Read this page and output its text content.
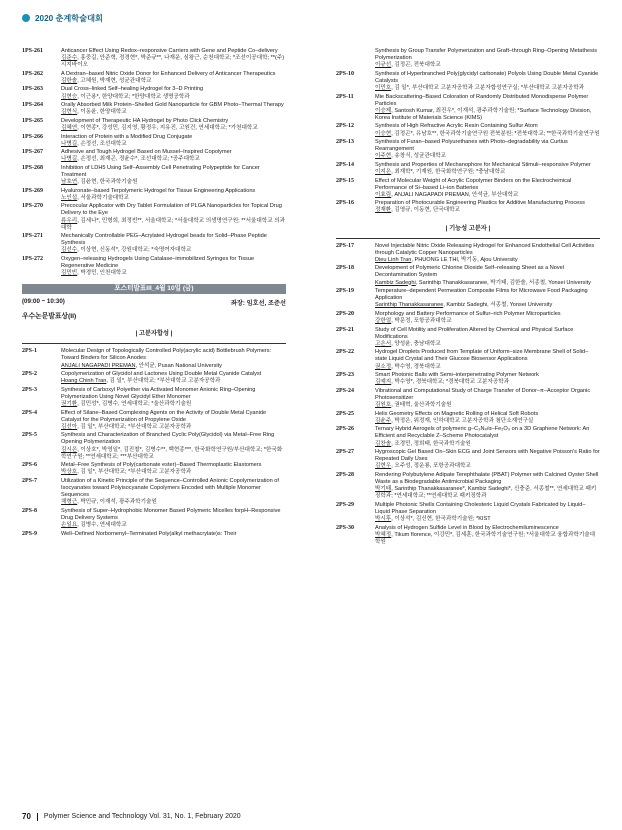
2020 춘계학술대회
1PS-261	Anticancer Effect Using Redox–responsive Carriers with Gene and Peptide Co–delivery
김준수, 홍중길, 안준혁, 정경현*, 박준규**, 나재운, 심왕근, 순천대학교; *조선이공대학; **(주)시지바이오
1PS-262	A Dextran–based Nitric Oxide Donor for Enhanced Delivery of Anticancer Therapeutics
김한솔, 고혜원, 박재현, 성균관대학교
1PS-263	Dual Cross–linked Self–healing Hydrogel for 3–D Printing
김현승, 이근용*, 한양대학교; *한양대학교 생명공학과
1PS-264	Orally Absorbed Milk Protein–Shelled Gold Nanoparticle for GBM Photo–Thermal Therapy
김현식, 이동윤, 한양대학교
1PS-265	Development of Therapeutic HA Hydrogel by Photo Click Chemistry
김혜연, 이현종*, 강성민, 김지영, 황정우, 지유진, 고원건, 연세대학교; *가천대학교
1PS-266	Interaction of Protein with a Modified Drug Conjugate
나병길, 손정선, 조선대학교
1PS-267	Adhesive and Tough Hydrogel Based on Mussel–Inspired Copolymer
나병길, 손정선, 최재곤, 정윤수*, 조선대학교; *공주대학교
1PS-268	Inhibition of LDH5 Using Self–Assembly Cell Penetrating Polypeptide for Cancer Treatment
남호연, 김윤현, 한국과학기술원
1PS-269	Hyaluronate–based Terpolymeric Hydrogel for Tissue Engineering Applications
노인섭, 서울과학기술대학교
1PS-270	Precocular Applicator with Dry Tablet Formulation of PLGA Nanoparticles for Topical Drug Delivery to the Eye
류우리, 김세나*, 민형희, 최정빈**, 서울대학교; *서울대학교 의생명연구원; **서울대학교 의과대학
1PS-271	Mechanically Controllable PEG–Acrylated Hydrogel beads for Solid–Phase Peptide Synthesis
김선수, 이상현, 신동석*, 강원대학교; *숙명여자대학교
1PS-272	Oxygen–releasing Hydrogels Using Catalase–immobilized Syringes for Tissue Regenerative Medicine
김민빈, 박경민, 인천대학교
포스터발표III_4월 10일 (금)
(09:00 ~ 10:30)	좌장: 임호선, 조준선
우수논문발표상(II)
| 고분자합성 |
2PS-1	Molecular Design of Topologically Controlled Poly(acrylic acid) Bottlebrush Polymers: Toward Binders for Silicon Anodes
ANJALI NAGAPADI PREMAN, 안석균, Pusan National University
2PS-2	Copolymerization of Glycidol and Lactones Using Double Metal Cyanide Catalyst
Hoang Chinh Tran, 김 일*, 부산대학교; *부산대학교 고분자공학과
2PS-3	Synthesis of Carboxyl Polyether via Activated Monomer Anionic Ring–Opening Polymerization Using Novel Glycidyl Ether Monomer
권기환, 김민성*, 김병수, 연세대학교; *울산과학기술원
2PS-4	Effect of Silane–Based Complexing Agents on the Activity of Double Metal Cyanide Catalyst for the Polymerization of Propylene Oxide
김선아, 김 일*, 부산대학교; *부산대학교 고분자공학과
2PS-5	Synthesis and Characterization of Branched Cyclic Poly(Glycidol) via Metal–Free Ring Opening Polymerization
김시은, 이상호*, 박영일*, 김진철*, 김병수**, 백현종***, 한국화학연구원/부산대학교; *한국화학연구원; **연세대학교; ***부산대학교
2PS-6	Metal–Free Synthesis of Poly(carbonate ester)–Based Thermoplastic Elastomers
박상호, 김 일*, 부산대학교; *부산대학교 고분자공학과
2PS-7	Utilization of a Kinetic Principle of the Sequence–Controlled Anionic Copolymerization of Isocyanates toward Polyisocyanate Copolymers Encoded with Multiple Monomer Sequences
채형근, 박민규, 이재석, 광주과학기술원
2PS-8	Synthesis of Super–Hydrophobic Monomer Based Polymeric Micelles forpH–Responsive Drug Delivery Systems
손일요, 김병수, 연세대학교
2PS-9	Well–Defined Norbornenyl–Terminated Poly(alkyl methacrylate)s: Their
Synthesis by Group Transfer Polymerization and Graft–through Ring–Opening Metathesis Polymerization
이규선, 김정곤, 전북대학교
2PS-10	Synthesis of Hyperbranched Poly(glycidyl carbonate) Polyols Using Double Metal Cyanide Catalysts
이민호, 김 일*, 부산대학교 고분자공학과 고분자합성연구실; *부산대학교 고분자공학과
2PS-11	Mie Backscattering–Based Coloration of Randomly Distributed Monodisperse Polymer Particles
이승제, Santosh Kumar, 최진우*, 이재석, 광주과학기술원; *Surface Technology Division, Korea Institute of Materials Science (KIMS)
2PS-12	Synthesis of High Refractive Acrylic Resin Containing Sulfur Atom
이승현, 김정곤*, 유남호**, 한국과학기술연구원 전북분원; *전북대학교; **한국과학기술연구원
2PS-13	Synthesis of Furan–based Polyurethanes with Photo–degradability via Curtius Rearrangement
이주현, 송창식, 성균관대학교
2PS-14	Synthesis and Properties of Mechanophore for Mechanical Stimuli–responsive Polymer
이지은, 최재학*, 기재원, 한국화학연구원; *충남대학교
2PS-15	Effect of Molecular Weight of Acrylic Copolymer Binders on the Electrochemical Performance of Si–based Li–ion Batteries
이효림, ANJALI NAGAPADI PREMAN, 안석균, 부산대학교
2PS-16	Preparation of Photocurable Engineering Plastics for Additive Manufacturing Process
정재환, 김영규, 이동현, 단국대학교
| 기능성 고분자 |
2PS-17	Novel Injectable Nitric Oxide Releasing Hydrogel for Enhanced Endothelial Cell Activities through Catalytic Copper Nanoparticles
Dieu Linh Tran, PHUONG LE THI, 박기동, Ajou University
2PS-18	Development of Polymeric Chlorine Dioxide Self–releasing Sheet as a Novel Decontamination System
Kambiz Sadeghi, Sarinthip Thanakkasaranee, 박기태, 김한솔, 서종철, Yonsei University
2PS-19	Temperature–dependent Permeation Composite Films for Microwave Food Packaging Application
Sarinthip Thanakkasaranee, Kambiz Sadeghi, 서종철, Yonsei University
2PS-20	Morphology and Battery Performance of Sulfur–rich Polymer Microparticles
강한얼, 박문정, 포항공과대학교
2PS-21	Study of Cell Motility and Proliferation Altered by Chemical and Physical Surface Modifications
고은서, 양성윤, 충남대학교
2PS-22	Hydrogel Droplets Produced from Template of Uniform–size Membrane Shell of Solid–state Liquid Crystal and Their Glucose Biosensor Applications
권소정, 박수영, 경북대학교
2PS-23	Smart Photonic Balls with Semi–interpenetrating Polymer Network
김예지, 박수영*, 경북대학교; *경북대학교 고분자공학과
2PS-24	Vibrational and Computational Study of Charge Transfer of Donor–π–Acceptor Organic Photosensitizer
김원호, 권태혁, 울산과학기술원
2PS-25	Helix Geometry Effects on Magnetic Rolling of Helical Soft Robots
김윤주, 박정은, 위정재, 인하대학교 고분자공학과 첨단소재연구실
2PS-26	Ternary Hybrid Aerogels of polymeric g–C₃N₄/α–Fe₂O₃ on a 3D Graphene Network: An Efficient and Recyclable Z–Scheme Photocatalyst
김찬솔, 조경민, 정희태, 한국과학기술원
2PS-27	Hygroscopic Gel Based On–Skin ECG and Joint Sensors with Negative Poisson's Ratio for Repeated Daily Uses
김현우, 오주성, 정운룡, 포항공과대학교
2PS-28	Rendering Polybutylene Adipate Terephthalate (PBAT) Polymer with Calcined Oyster Shell Waste as a Biodegradable Antimicrobial Packaging
박기태, Sarinthip Thanakkasaranee*, Kambiz Sadeghi*, 신충준, 서종철**, 연세대학교 패키징학과; *연세대학교; **연세대학교 패키징학과
2PS-29	Multiple Photonic Shells Containing Cholesteric Liquid Crystals Fabricated by Liquid–Liquid Phase Separation
박시후, 이상석*, 김신현, 한국과학기술원; *KIST
2PS-30	Analysis of Hydrogen Sulfide Level in Blood by Electrochemiluminescence
박혜정, Tikum florence, 이강민*, 김세훈, 한국과학기술연구원; *서울대학교 융합과학기술대학원
70 Polymer Science and Technology Vol. 31, No. 1, February 2020
